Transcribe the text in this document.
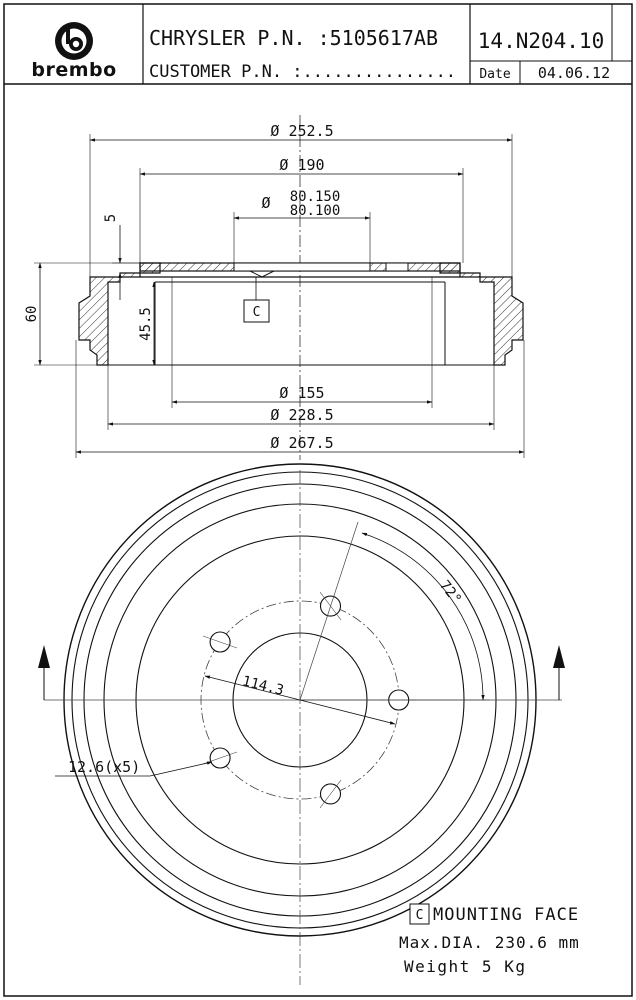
brembo
CHRYSLER P.N. :5105617AB
CUSTOMER P.N. :...............
14.N204.10
Date 04.06.12
Ø 252.5
Ø 190
Ø 80.150
80.100
5
60	45.5	C
Ø 155
Ø 228.5
Ø 267.5
72°
114.3
12.6(x5)
C MOUNTING FACE
Max.DIA. 230.6 mm
Weight 5 Kg
